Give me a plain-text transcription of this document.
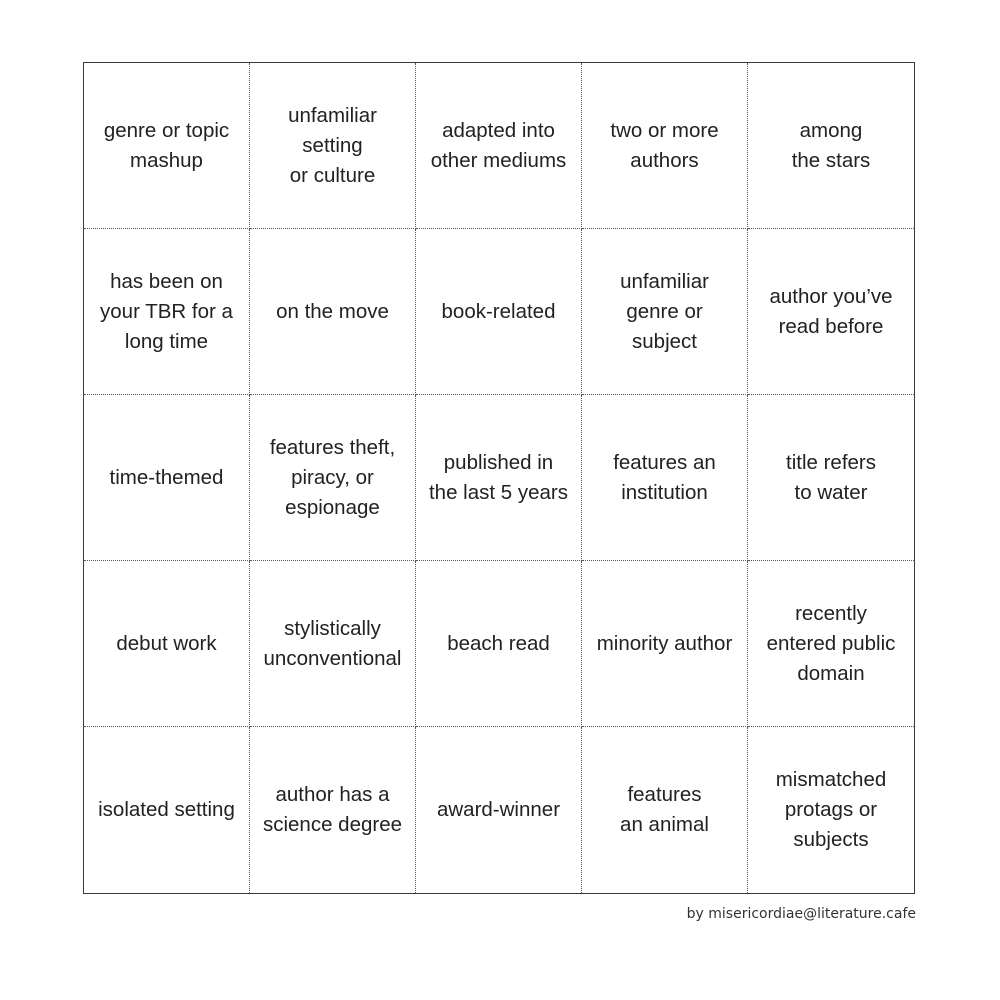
genre or topic
mashup
unfamiliar
setting
or culture
adapted into
other mediums
two or more
authors
among
the stars
has been on
your TBR for a
long time
on the move	book-related
unfamiliar
genre or
subject
author you’ve
read before
time-themed
features theft,
piracy, or
espionage
published in
the last 5 years
features an
institution
title refers
to water
debut work
stylistically
unconventional
beach read minority author
recently
entered public
domain
isolated setting
author has a
science degree
award-winner
features
an animal
mismatched
protags or
subjects
by misericordiae@literature.cafe
